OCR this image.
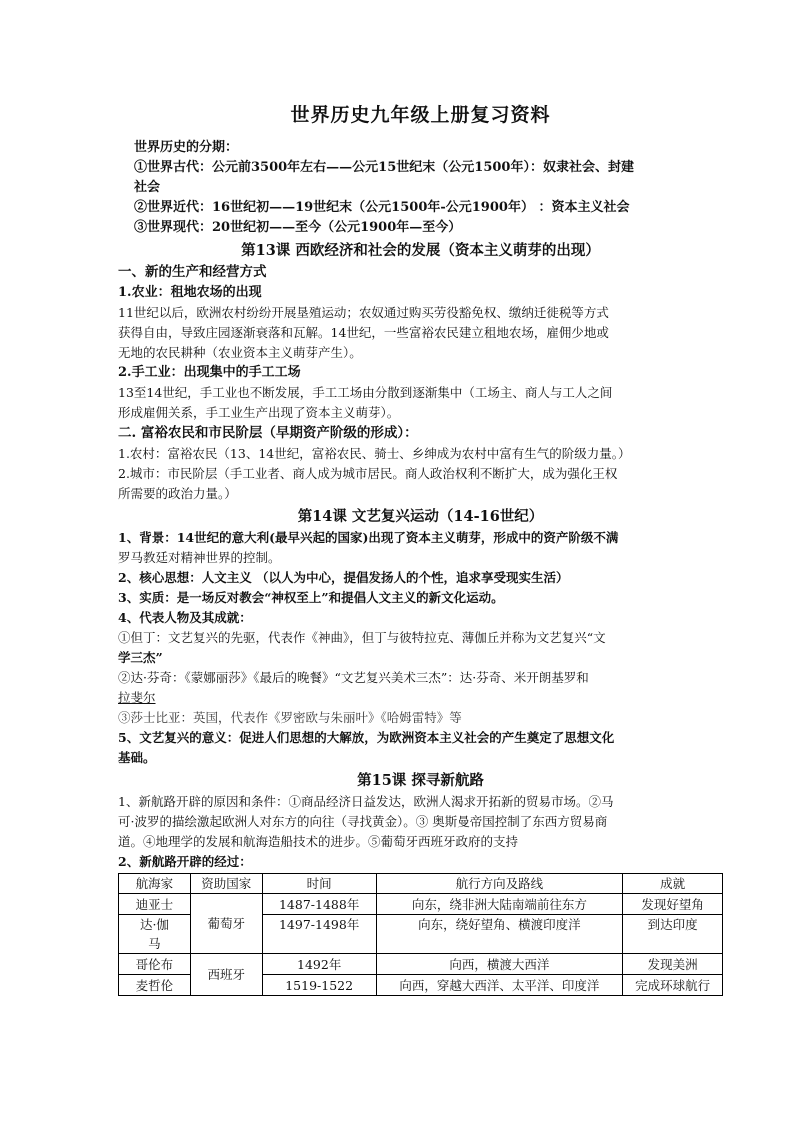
世界历史九年级上册复习资料

世界历史的分期：

①世界古代：公元前3500年左右——公元15世纪末（公元1500年）：奴隶社会、封建

社会

②世界近代：16世纪初——19世纪末（公元1500年-公元1900年） ：资本主义社会

③世界现代：20世纪初——至今（公元1900年—至今）

第13课 西欧经济和社会的发展（资本主义萌芽的出现）
一、新的生产和经营方式
1.农业：租地农场的出现
11世纪以后，欧洲农村纷纷开展垦殖运动；农奴通过购买劳役豁免权、缴纳迁徙税等方式
获得自由，导致庄园逐渐衰落和瓦解。14世纪，一些富裕农民建立租地农场，雇佣少地或
无地的农民耕种（农业资本主义萌芽产生）。
2.手工业：出现集中的手工工场
13至14世纪，手工业也不断发展，手工工场由分散到逐渐集中（工场主、商人与工人之间
形成雇佣关系，手工业生产出现了资本主义萌芽）。
二. 富裕农民和市民阶层（早期资产阶级的形成）：
1.农村：富裕农民（13、14世纪，富裕农民、骑士、乡绅成为农村中富有生气的阶级力量。）
2.城市：市民阶层（手工业者、商人成为城市居民。商人政治权利不断扩大，成为强化王权
所需要的政治力量。）
第14课 文艺复兴运动（14-16世纪）
1、背景：14世纪的意大利(最早兴起的国家)出现了资本主义萌芽，形成中的资产阶级不满
罗马教廷对精神世界的控制。
2、核心思想：人文主义 （以人为中心，提倡发扬人的个性，追求享受现实生活）
3、实质：是一场反对教会“神权至上”和提倡人文主义的新文化运动。
4、代表人物及其成就：
①但丁：文艺复兴的先驱，代表作《神曲》，但丁与彼特拉克、薄伽丘并称为文艺复兴“文
学三杰”
②达·芬奇：《蒙娜丽莎》《最后的晚餐》“文艺复兴美术三杰”：达·芬奇、米开朗基罗和
拉斐尔
③莎士比亚：英国，代表作《罗密欧与朱丽叶》《哈姆雷特》等
5、文艺复兴的意义：促进人们思想的大解放，为欧洲资本主义社会的产生奠定了思想文化
基础。
第15课 探寻新航路
1、新航路开辟的原因和条件：①商品经济日益发达，欧洲人渴求开拓新的贸易市场。②马
可·波罗的描绘激起欧洲人对东方的向往（寻找黄金）。③ 奥斯曼帝国控制了东西方贸易商
道。④地理学的发展和航海造船技术的进步。⑤葡萄牙西班牙政府的支持
2、新航路开辟的经过：
航海家	资助国家	时间	航行方向及路线	成就
迪亚士	葡萄牙	1487-1488年	向东，绕非洲大陆南端前往东方	发现好望角

达·伽
马		1497-1498年	向东，绕好望角、横渡印度洋	到达印度
哥伦布	西班牙	1492年	向西，横渡大西洋	发现美洲
麦哲伦		1519-1522	向西，穿越大西洋、太平洋、印度洋	完成环球航行
